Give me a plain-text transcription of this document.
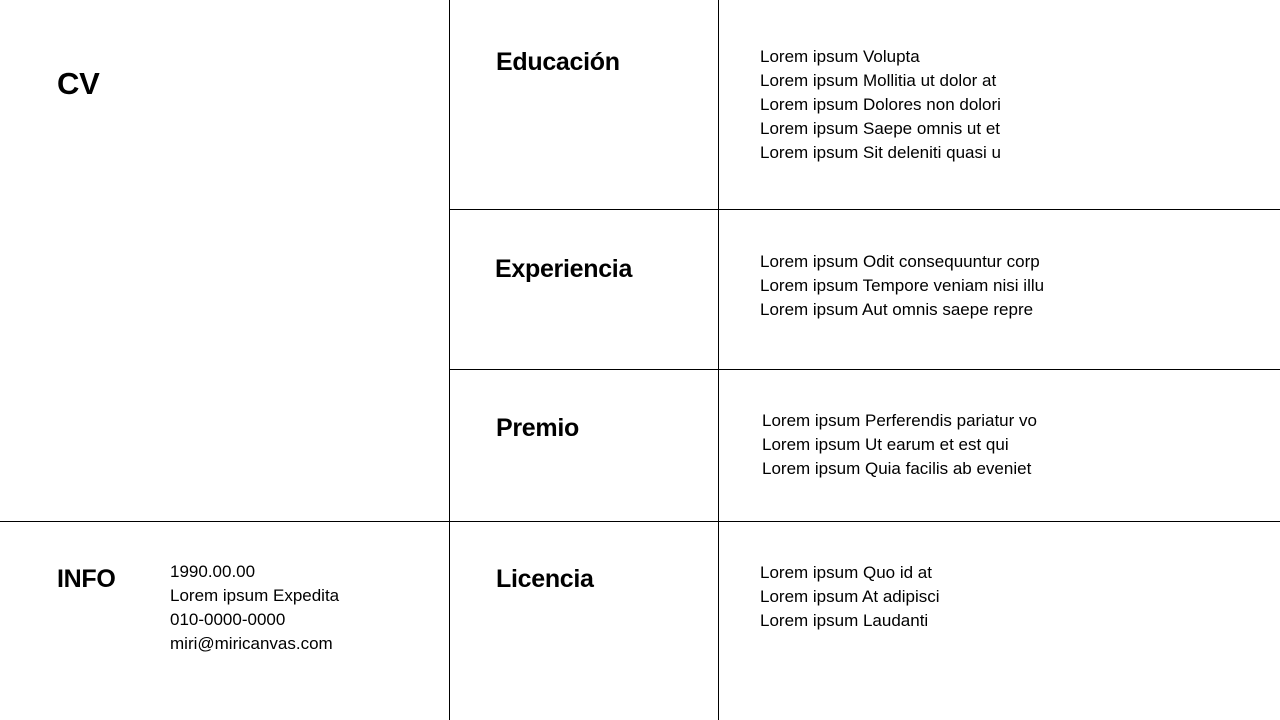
CV
INFO	1990.00.00
Lorem ipsum Expedita
010-0000-0000
miri@miricanvas.com
Educación	Lorem ipsum Volupta
Lorem ipsum Mollitia ut dolor at
Lorem ipsum Dolores non dolori
Lorem ipsum Saepe omnis ut et
Lorem ipsum Sit deleniti quasi u
Experiencia	Lorem ipsum Odit consequuntur corp
Lorem ipsum Tempore veniam nisi illu
Lorem ipsum Aut omnis saepe repre
Premio	Lorem ipsum Perferendis pariatur vo
Lorem ipsum Ut earum et est qui
Lorem ipsum Quia facilis ab eveniet
Licencia	Lorem ipsum Quo id at
Lorem ipsum At adipisci
Lorem ipsum Laudanti
